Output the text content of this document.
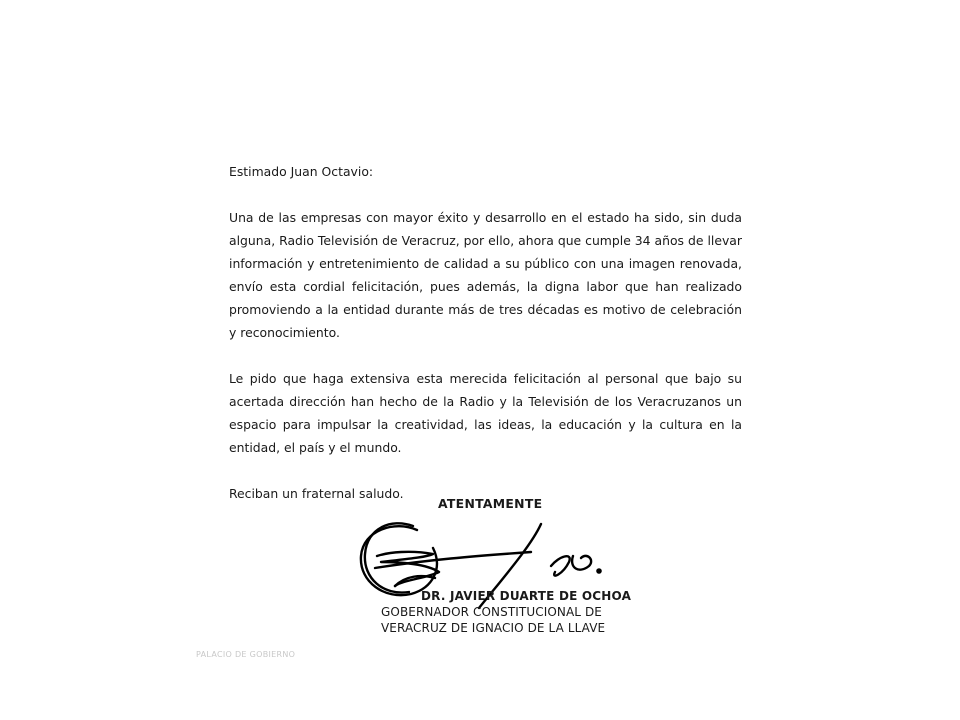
Estimado Juan Octavio:

Una de las empresas con mayor éxito y desarrollo en el estado ha sido, sin duda alguna, Radio Televisión de Veracruz, por ello, ahora que cumple 34 años de llevar información y entretenimiento de calidad a su público con una imagen renovada, envío esta cordial felicitación, pues además, la digna labor que han realizado promoviendo a la entidad durante más de tres décadas es motivo de celebración y reconocimiento.

Le pido que haga extensiva esta merecida felicitación al personal que bajo su acertada dirección han hecho de la Radio y la Televisión de los Veracruzanos un espacio para impulsar la creatividad, las ideas, la educación y la cultura en la entidad, el país y el mundo.

Reciban un fraternal saludo.

ATENTAMENTE
DR. JAVIER DUARTE DE OCHOA
GOBERNADOR CONSTITUCIONAL DE
VERACRUZ DE IGNACIO DE LA LLAVE
PALACIO DE GOBIERNO
